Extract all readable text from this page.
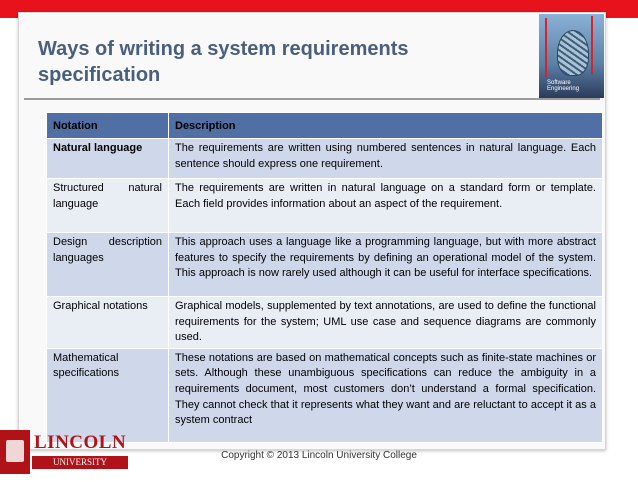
Ways of writing a system requirements specification	Software Engineering
Notation	Description
Natural language	The requirements are written using numbered sentences in natural language. Each sentence should express one requirement.
Structured natural language	The requirements are written in natural language on a standard form or template. Each field provides information about an aspect of the requirement.
Design description languages	This approach uses a language like a programming language, but with more abstract features to specify the requirements by defining an operational model of the system. This approach is now rarely used although it can be useful for interface specifications.
Graphical notations	Graphical models, supplemented by text annotations, are used to define the functional requirements for the system; UML use case and sequence diagrams are commonly used.
Mathematical specifications	These notations are based on mathematical concepts such as finite-state machines or sets. Although these unambiguous specifications can reduce the ambiguity in a requirements document, most customers don’t understand a formal specification. They cannot check that it represents what they want and are reluctant to accept it as a system contract
LINCOLN
UNIVERSITY COLLEGE
Copyright © 2013 Lincoln University College
